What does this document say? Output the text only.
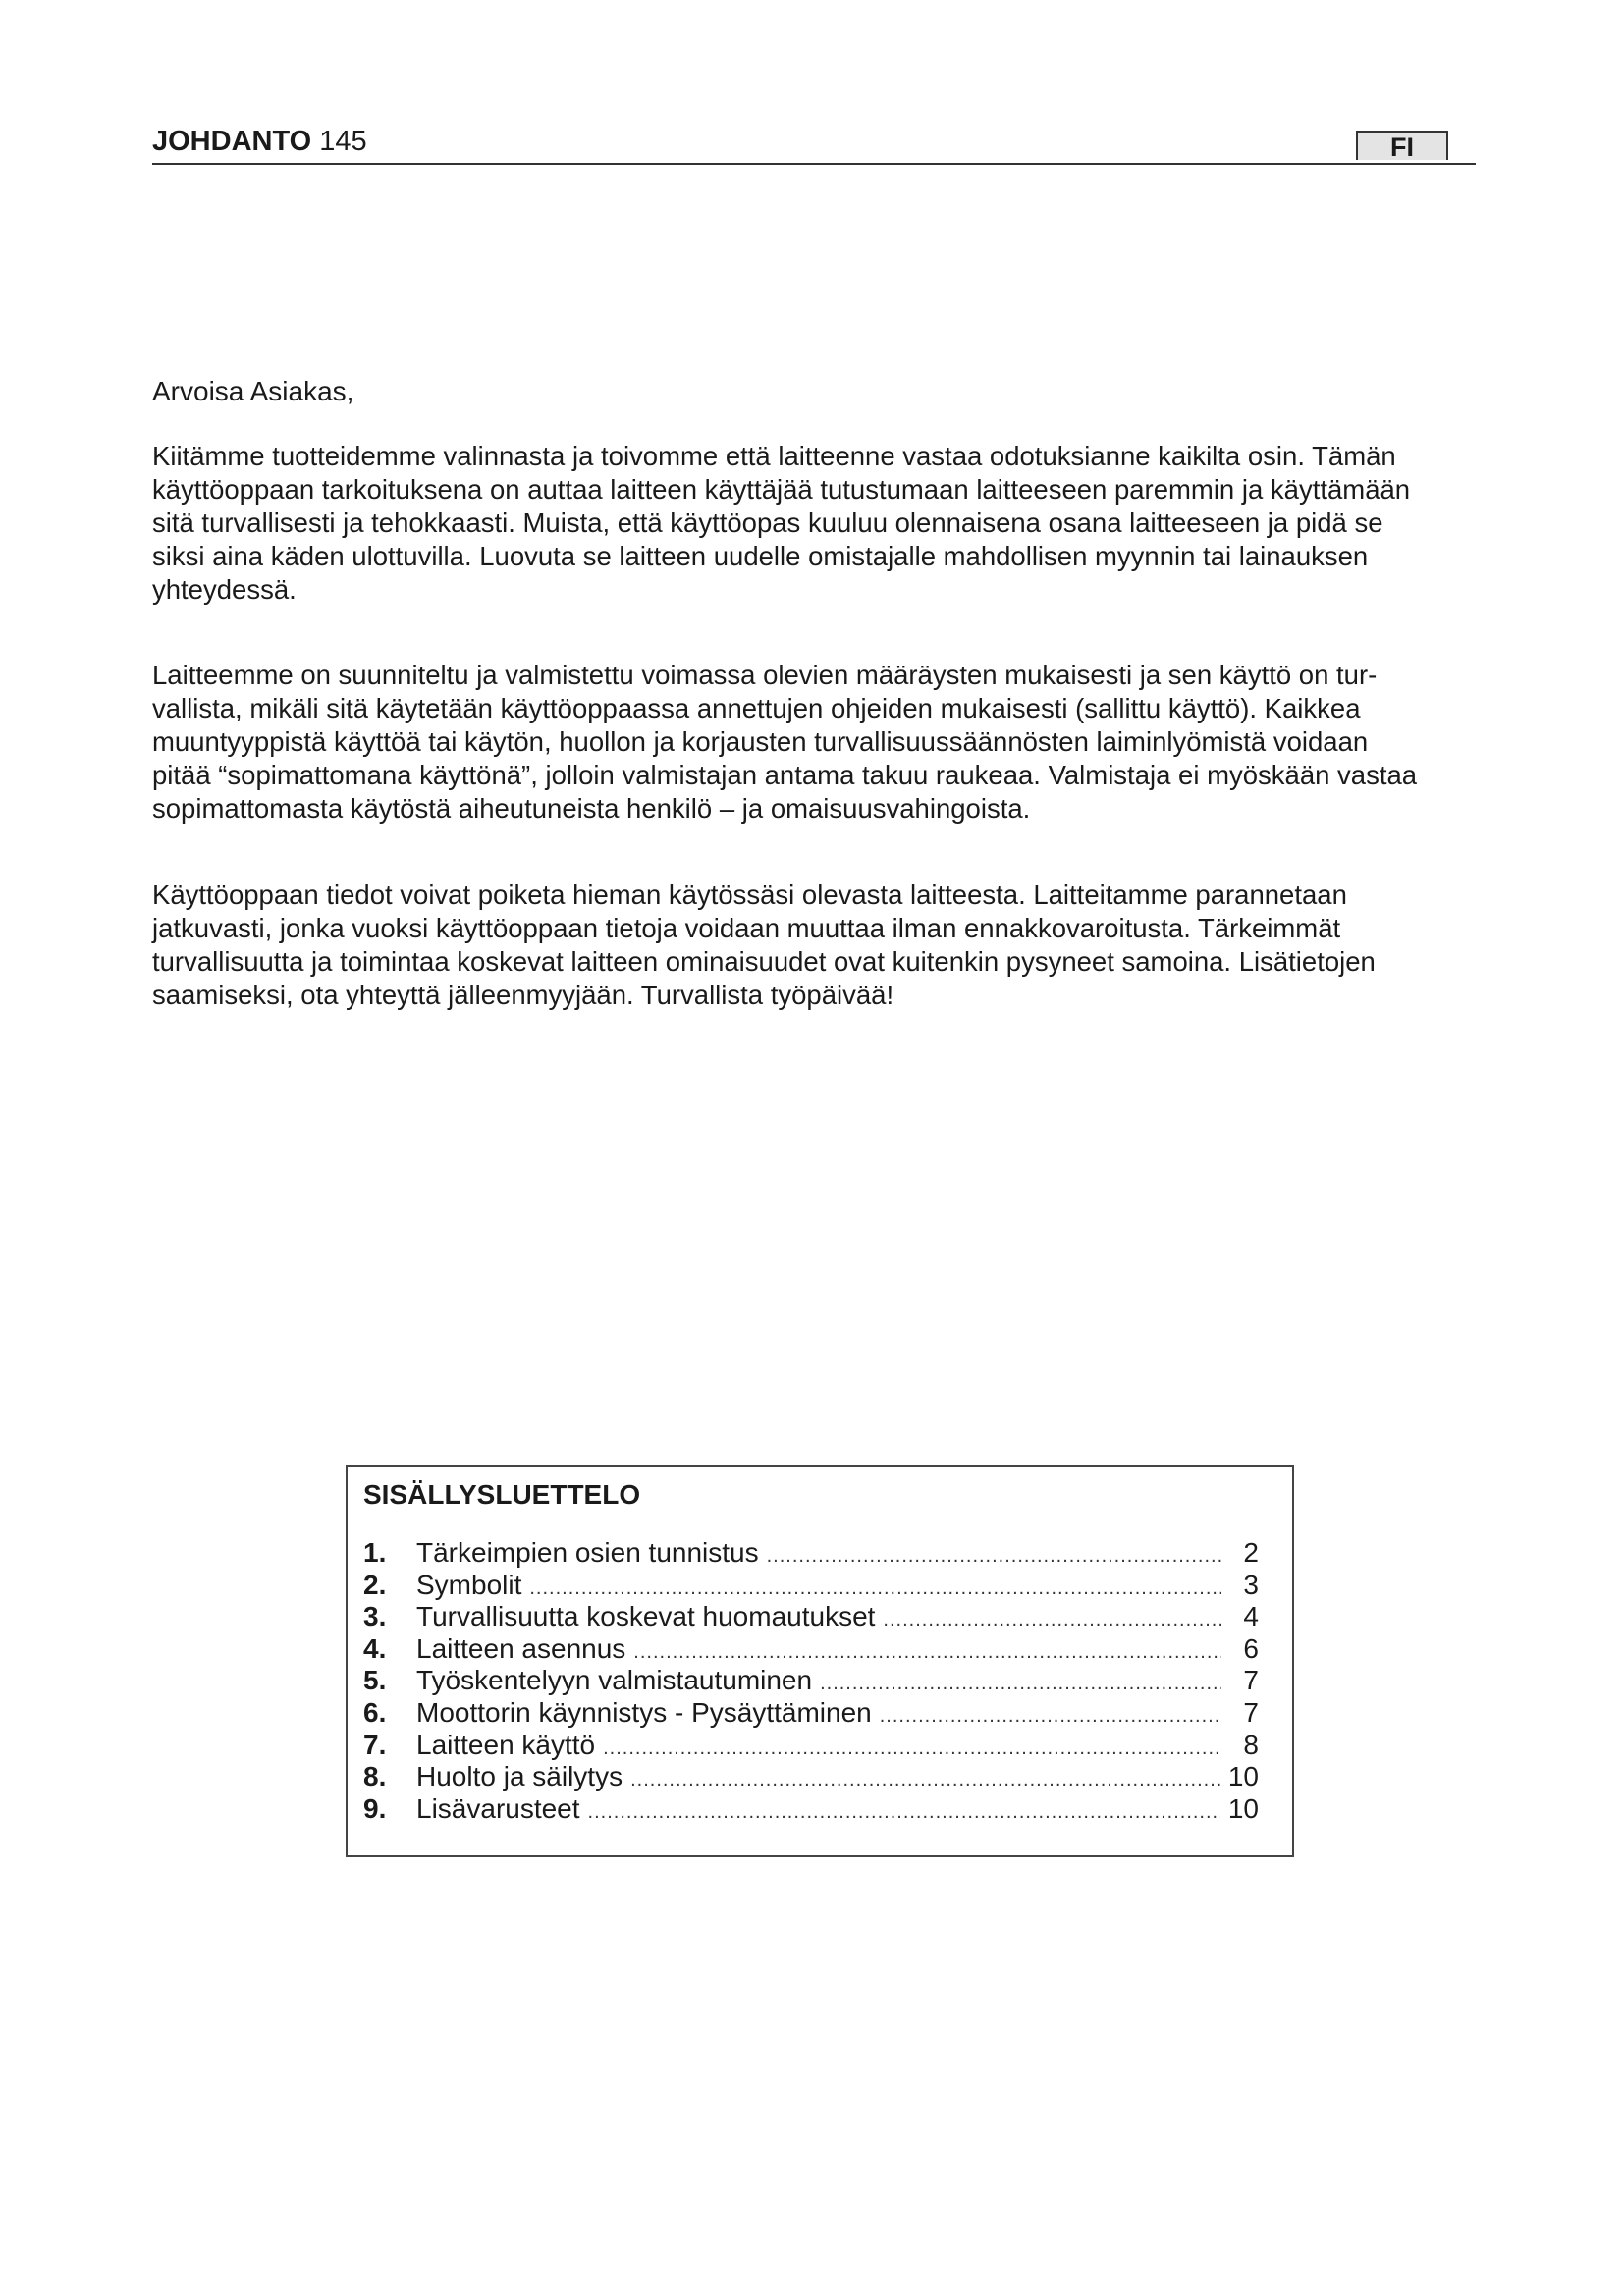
JOHDANTO 145	FI
Arvoisa Asiakas,
Kiitämme tuotteidemme valinnasta ja toivomme että laitteenne vastaa odotuksianne kaikilta osin. Tämän
käyttöoppaan tarkoituksena on auttaa laitteen käyttäjää tutustumaan laitteeseen paremmin ja käyttämään
sitä turvallisesti ja tehokkaasti. Muista, että käyttöopas kuuluu olennaisena osana laitteeseen ja pidä se
siksi aina käden ulottuvilla. Luovuta se laitteen uudelle omistajalle mahdollisen myynnin tai lainauksen
yhteydessä.
Laitteemme on suunniteltu ja valmistettu voimassa olevien määräysten mukaisesti ja sen käyttö on tur-
vallista, mikäli sitä käytetään käyttöoppaassa annettujen ohjeiden mukaisesti (sallittu käyttö). Kaikkea
muuntyyppistä käyttöä tai käytön, huollon ja korjausten turvallisuussäännösten laiminlyömistä voidaan
pitää “sopimattomana käyttönä”, jolloin valmistajan antama takuu raukeaa. Valmistaja ei myöskään vastaa
sopimattomasta käytöstä aiheutuneista henkilö – ja omaisuusvahingoista.
Käyttöoppaan tiedot voivat poiketa hieman käytössäsi olevasta laitteesta. Laitteitamme parannetaan
jatkuvasti, jonka vuoksi käyttöoppaan tietoja voidaan muuttaa ilman ennakkovaroitusta. Tärkeimmät
turvallisuutta ja toimintaa koskevat laitteen ominaisuudet ovat kuitenkin pysyneet samoina. Lisätietojen
saamiseksi, ota yhteyttä jälleenmyyjään. Turvallista työpäivää!
SISÄLLYSLUETTELO
1.	Tärkeimpien osien tunnistus .....	2
2.	Symbolit .....	3
3.	Turvallisuutta koskevat huomautukset .....	4
4.	Laitteen asennus .....	6
5.	Työskentelyyn valmistautuminen .....	7
6.	Moottorin käynnistys - Pysäyttäminen .....	7
7.	Laitteen käyttö .....	8
8.	Huolto ja säilytys .....	10
9.	Lisävarusteet .....	10
